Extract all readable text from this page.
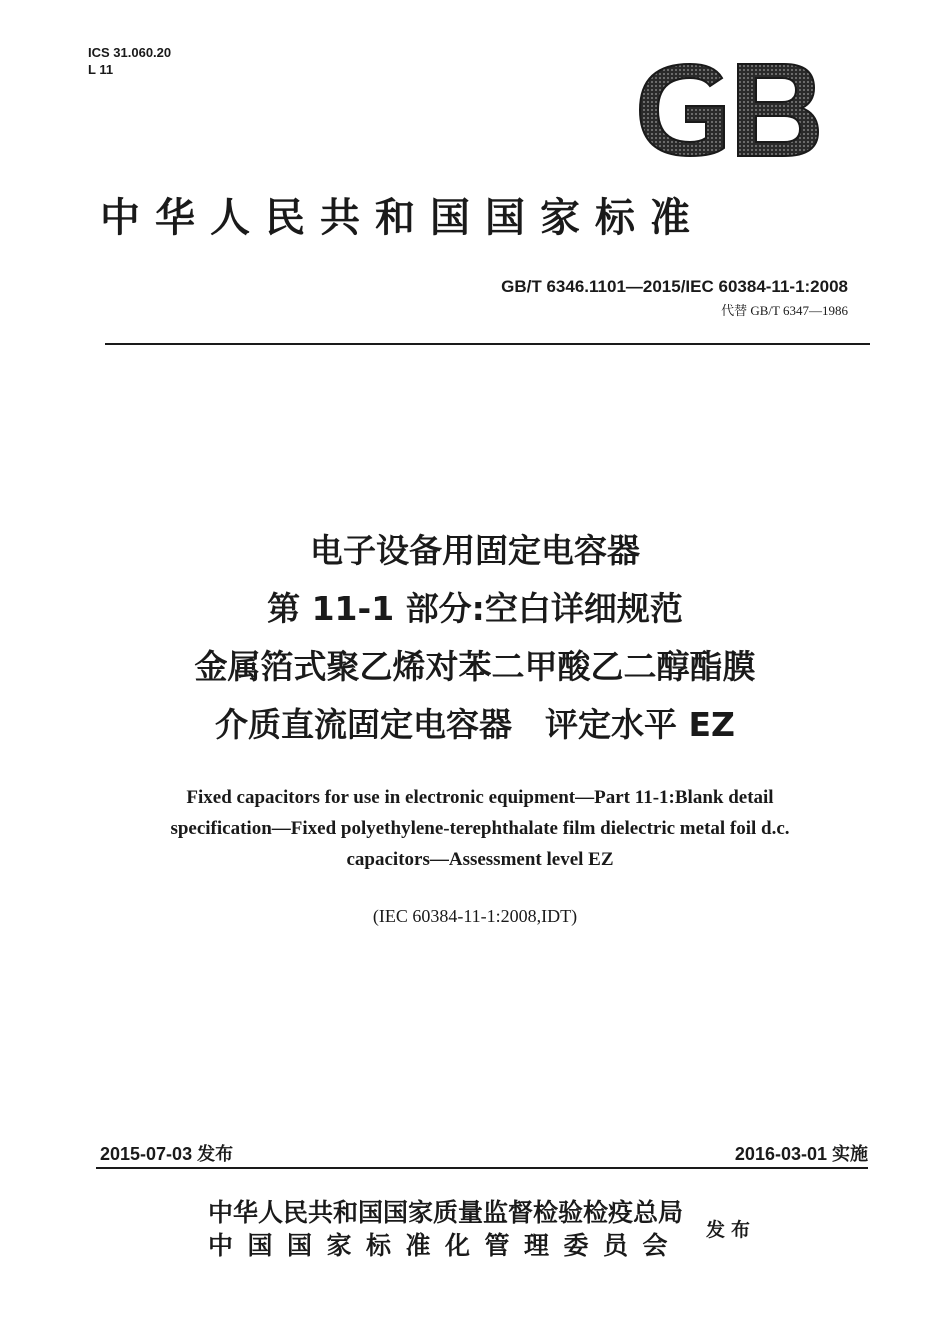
ICS 31.060.20
L 11
中华人民共和国国家标准
GB/T 6346.1101—2015/IEC 60384-11-1:2008
代替 GB/T 6347—1986
电子设备用固定电容器
第 11-1 部分:空白详细规范
金属箔式聚乙烯对苯二甲酸乙二醇酯膜
介质直流固定电容器　评定水平 EZ
Fixed capacitors for use in electronic equipment—Part 11-1:Blank detail
specification—Fixed polyethylene-terephthalate film dielectric metal foil d.c.
capacitors—Assessment level EZ
(IEC 60384-11-1:2008,IDT)
2015-07-03 发布	2016-03-01 实施
中华人民共和国国家质量监督检验检疫总局
中国国家标准化管理委员会
发布
